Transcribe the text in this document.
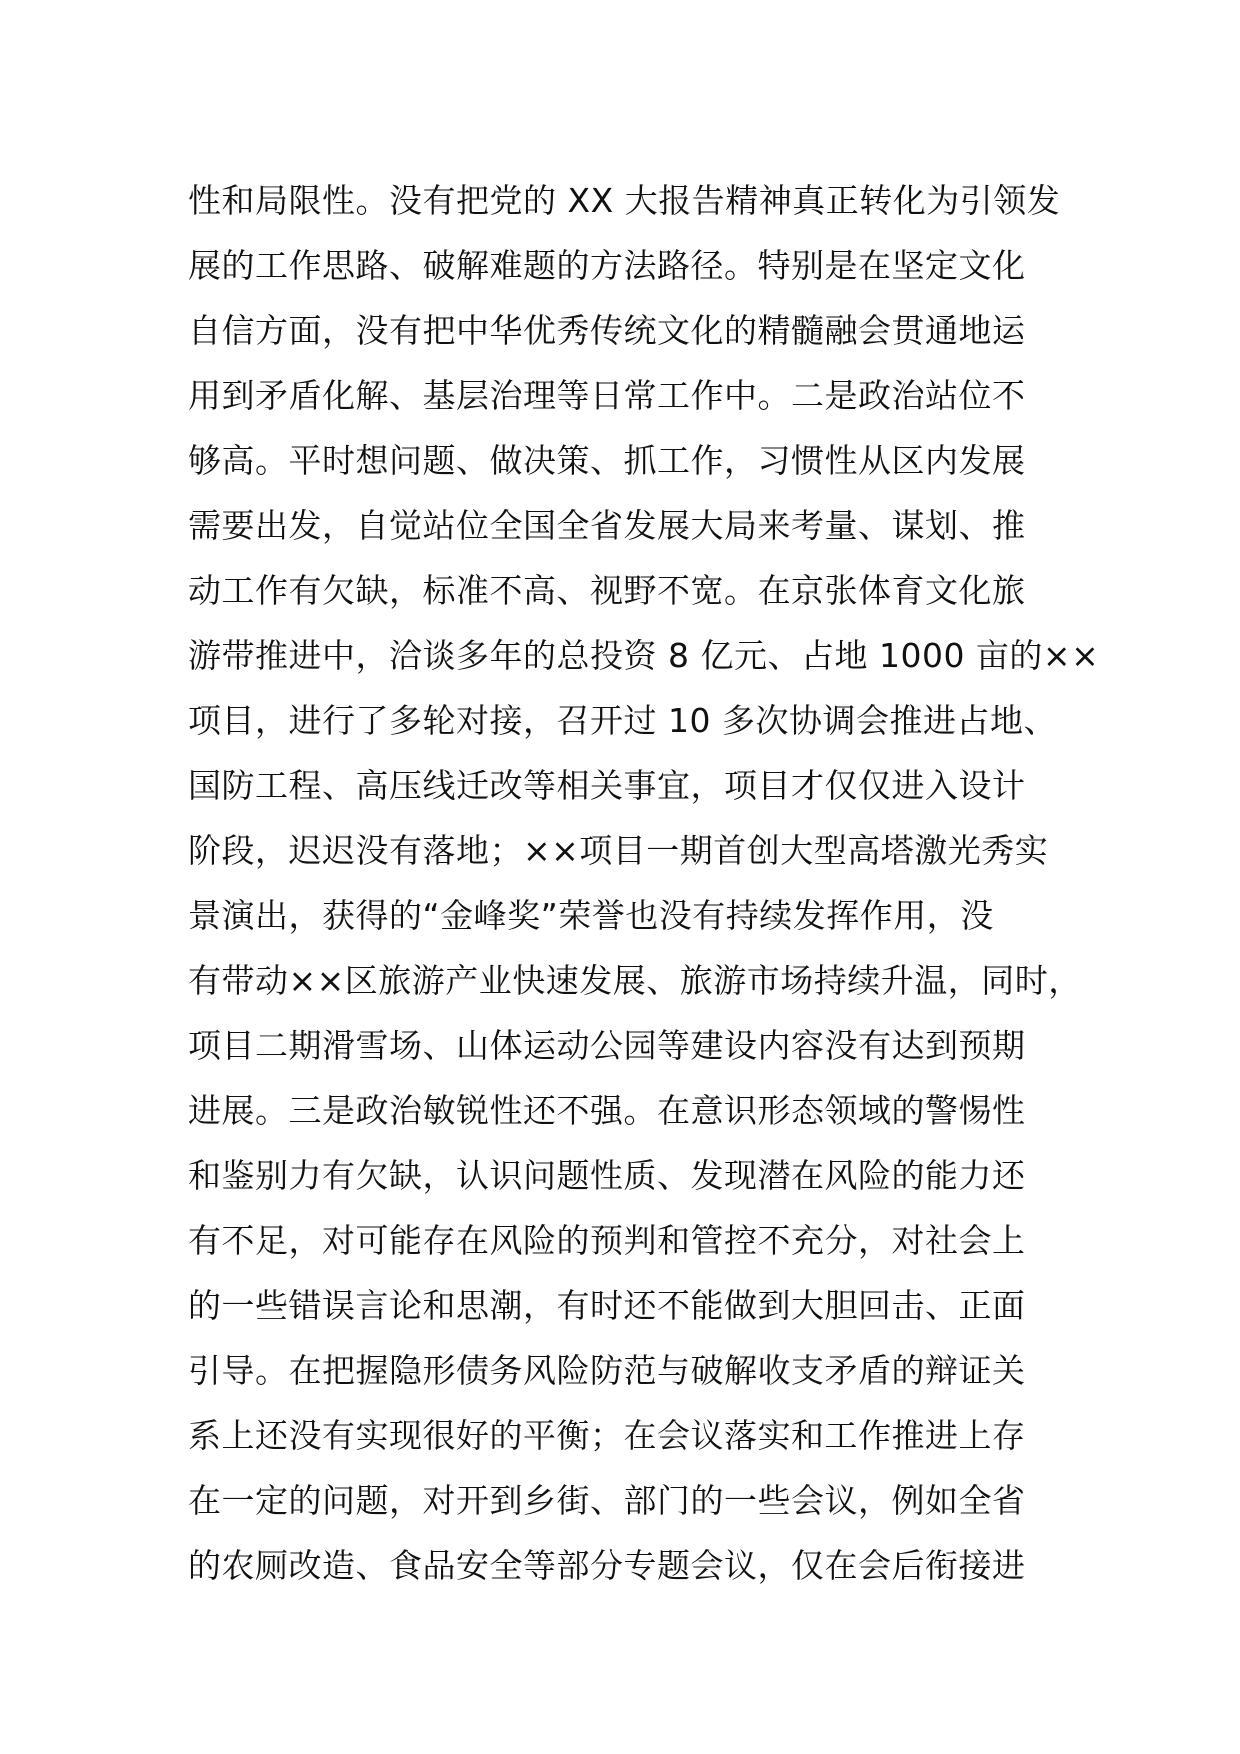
性和局限性。没有把党的 XX 大报告精神真正转化为引领发
展的工作思路、破解难题的方法路径。特别是在坚定文化
自信方面，没有把中华优秀传统文化的精髓融会贯通地运
用到矛盾化解、基层治理等日常工作中。二是政治站位不
够高。平时想问题、做决策、抓工作，习惯性从区内发展
需要出发，自觉站位全国全省发展大局来考量、谋划、推
动工作有欠缺，标准不高、视野不宽。在京张体育文化旅
游带推进中，洽谈多年的总投资 8 亿元、占地 1000 亩的××
项目，进行了多轮对接，召开过 10 多次协调会推进占地、
国防工程、高压线迁改等相关事宜，项目才仅仅进入设计
阶段，迟迟没有落地；××项目一期首创大型高塔激光秀实
景演出，获得的“金峰奖”荣誉也没有持续发挥作用，没
有带动××区旅游产业快速发展、旅游市场持续升温，同时，
项目二期滑雪场、山体运动公园等建设内容没有达到预期
进展。三是政治敏锐性还不强。在意识形态领域的警惕性
和鉴别力有欠缺，认识问题性质、发现潜在风险的能力还
有不足，对可能存在风险的预判和管控不充分，对社会上
的一些错误言论和思潮，有时还不能做到大胆回击、正面
引导。在把握隐形债务风险防范与破解收支矛盾的辩证关
系上还没有实现很好的平衡；在会议落实和工作推进上存
在一定的问题，对开到乡街、部门的一些会议，例如全省
的农厕改造、食品安全等部分专题会议，仅在会后衔接进
